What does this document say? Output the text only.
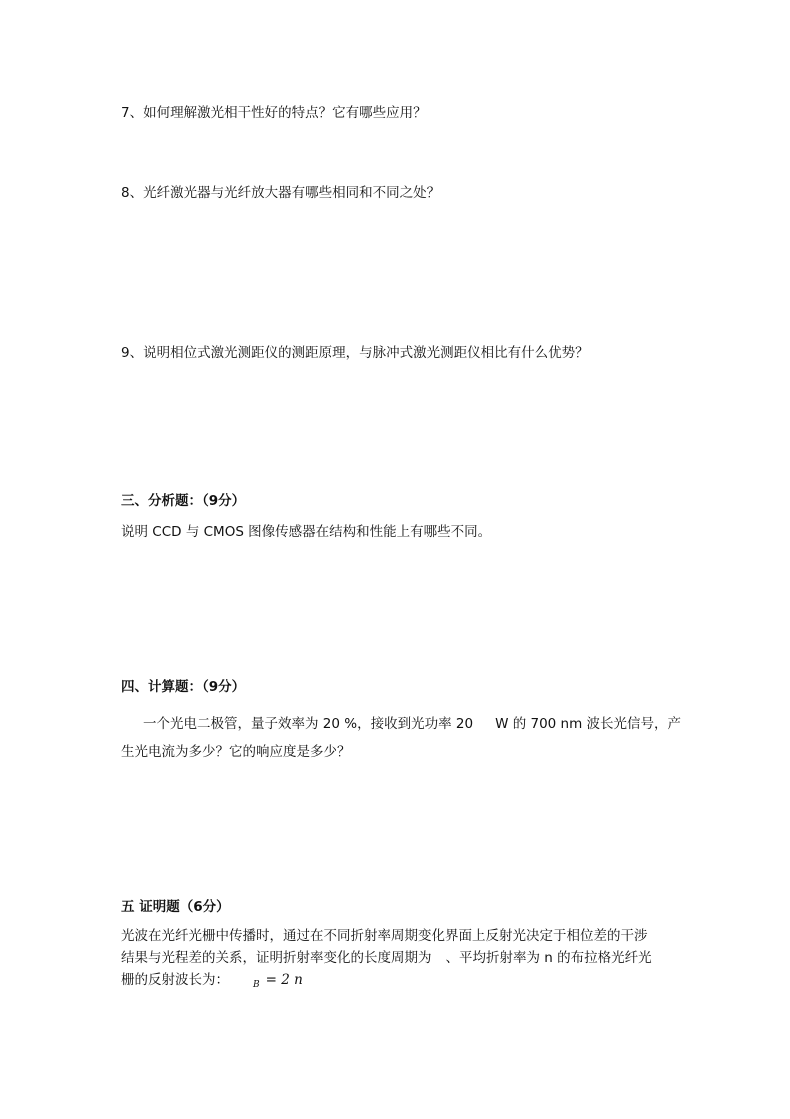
7、如何理解激光相干性好的特点？它有哪些应用？
8、光纤激光器与光纤放大器有哪些相同和不同之处？
9、说明相位式激光测距仪的测距原理，与脉冲式激光测距仪相比有什么优势？
三、分析题：（9分）
说明 CCD 与 CMOS 图像传感器在结构和性能上有哪些不同。
四、计算题：（9分）
一个光电二极管，量子效率为 20 %，接收到光功率 20 W 的 700 nm 波长光信号，产
生光电流为多少？它的响应度是多少？
五 证明题（6分）
光波在光纤光栅中传播时，通过在不同折射率周期变化界面上反射光决定于相位差的干涉
结果与光程差的关系，证明折射率变化的长度周期为 、平均折射率为 n 的布拉格光纤光
栅的反射波长为：	$_B$ = 2 n
